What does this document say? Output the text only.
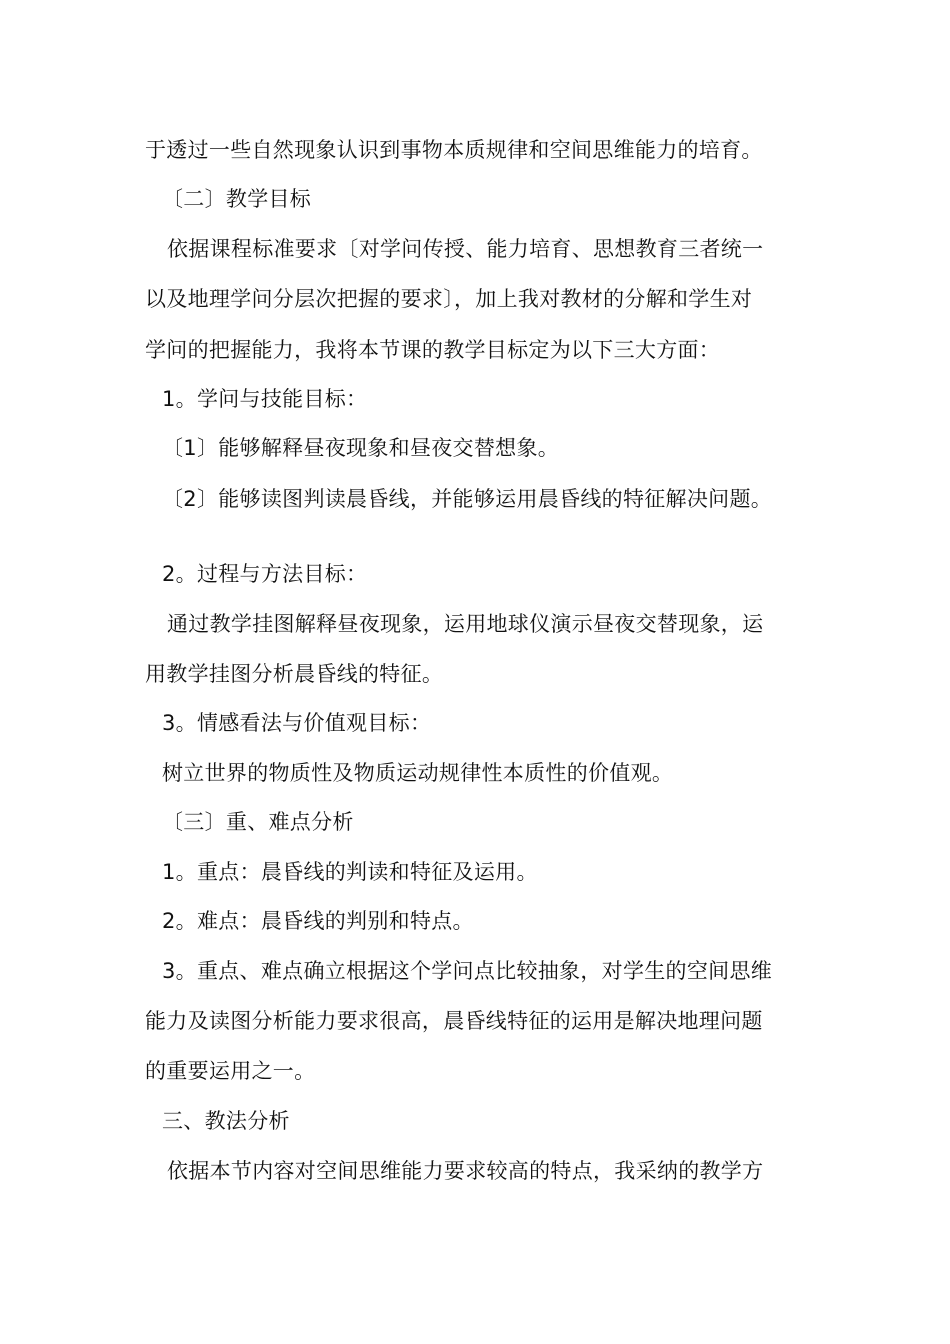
于透过一些自然现象认识到事物本质规律和空间思维能力的培育。
〔二〕教学目标
依据课程标准要求〔对学问传授、能力培育、思想教育三者统一
以及地理学问分层次把握的要求〕，加上我对教材的分解和学生对
学问的把握能力，我将本节课的教学目标定为以下三大方面：
1。学问与技能目标：
〔1〕能够解释昼夜现象和昼夜交替想象。
〔2〕能够读图判读晨昏线，并能够运用晨昏线的特征解决问题。
2。过程与方法目标：
通过教学挂图解释昼夜现象，运用地球仪演示昼夜交替现象，运
用教学挂图分析晨昏线的特征。
3。情感看法与价值观目标：
树立世界的物质性及物质运动规律性本质性的价值观。
〔三〕重、难点分析
1。重点：晨昏线的判读和特征及运用。
2。难点：晨昏线的判别和特点。
3。重点、难点确立根据这个学问点比较抽象，对学生的空间思维
能力及读图分析能力要求很高，晨昏线特征的运用是解决地理问题
的重要运用之一。
三、教法分析
依据本节内容对空间思维能力要求较高的特点，我采纳的教学方
